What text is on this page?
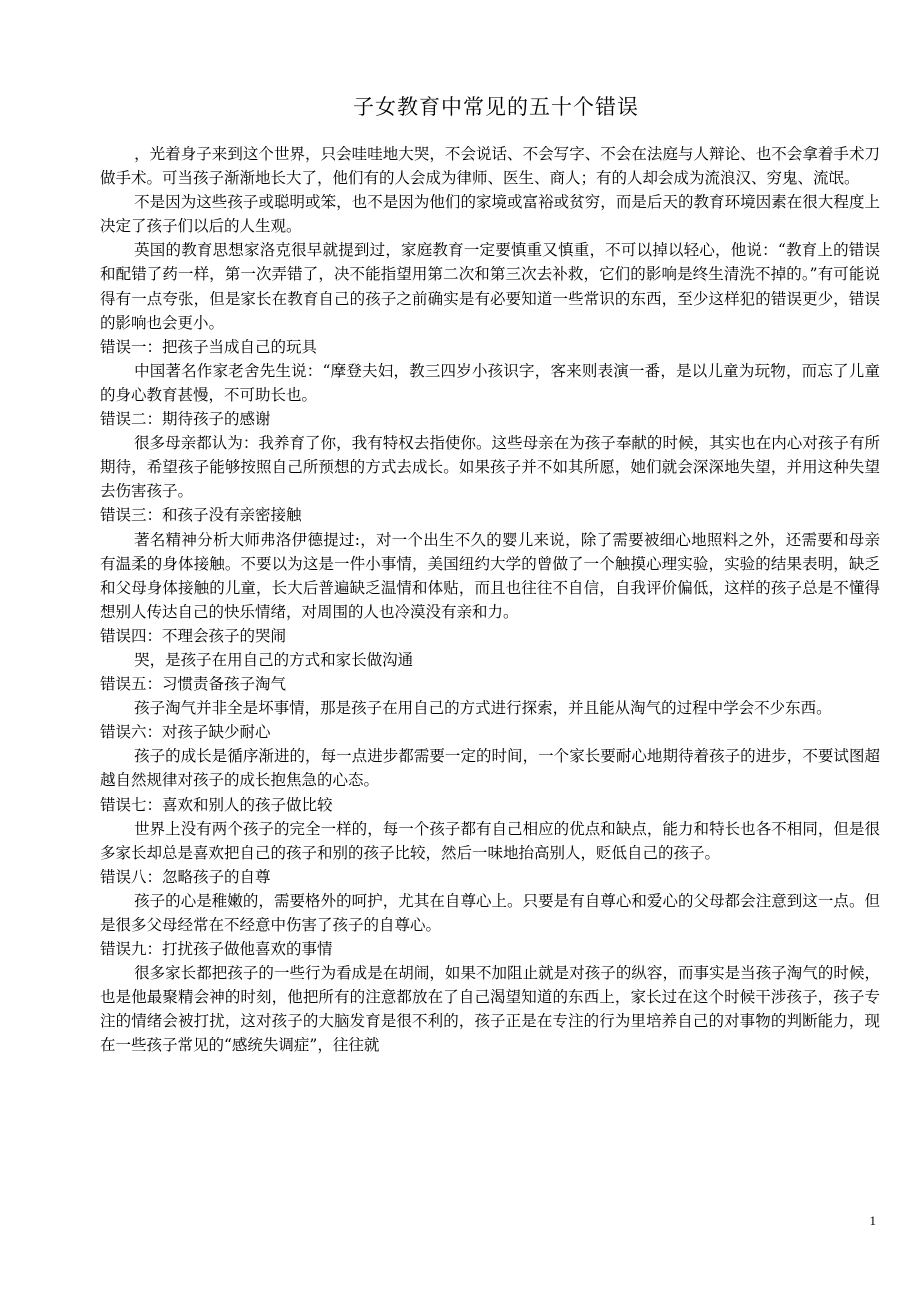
子女教育中常见的五十个错误

，光着身子来到这个世界，只会哇哇地大哭，不会说话、不会写字、不会在法庭与人辩论、也不会拿着手术刀做手术。可当孩子渐渐地长大了，他们有的人会成为律师、医生、商人；有的人却会成为流浪汉、穷鬼、流氓。

不是因为这些孩子或聪明或笨，也不是因为他们的家境或富裕或贫穷，而是后天的教育环境因素在很大程度上决定了孩子们以后的人生观。

英国的教育思想家洛克很早就提到过，家庭教育一定要慎重又慎重，不可以掉以轻心，他说：“教育上的错误和配错了药一样，第一次弄错了，决不能指望用第二次和第三次去补救，它们的影响是终生清洗不掉的。”有可能说得有一点夸张，但是家长在教育自己的孩子之前确实是有必要知道一些常识的东西，至少这样犯的错误更少，错误的影响也会更小。

错误一：把孩子当成自己的玩具

中国著名作家老舍先生说：“摩登夫妇，教三四岁小孩识字，客来则表演一番，是以儿童为玩物，而忘了儿童的身心教育甚慢，不可助长也。

错误二：期待孩子的感谢

很多母亲都认为：我养育了你，我有特权去指使你。这些母亲在为孩子奉献的时候，其实也在内心对孩子有所期待，希望孩子能够按照自己所预想的方式去成长。如果孩子并不如其所愿，她们就会深深地失望，并用这种失望去伤害孩子。

错误三：和孩子没有亲密接触

著名精神分析大师弗洛伊德提过:，对一个出生不久的婴儿来说，除了需要被细心地照料之外，还需要和母亲有温柔的身体接触。不要以为这是一件小事情，美国纽约大学的曾做了一个触摸心理实验，实验的结果表明，缺乏和父母身体接触的儿童，长大后普遍缺乏温情和体贴，而且也往往不自信，自我评价偏低，这样的孩子总是不懂得想别人传达自己的快乐情绪，对周围的人也冷漠没有亲和力。

错误四：不理会孩子的哭闹

哭，是孩子在用自己的方式和家长做沟通

错误五：习惯责备孩子淘气

孩子淘气并非全是坏事情，那是孩子在用自己的方式进行探索，并且能从淘气的过程中学会不少东西。

错误六：对孩子缺少耐心

孩子的成长是循序渐进的，每一点进步都需要一定的时间，一个家长要耐心地期待着孩子的进步，不要试图超越自然规律对孩子的成长抱焦急的心态。

错误七：喜欢和别人的孩子做比较

世界上没有两个孩子的完全一样的，每一个孩子都有自己相应的优点和缺点，能力和特长也各不相同，但是很多家长却总是喜欢把自己的孩子和别的孩子比较，然后一味地抬高别人，贬低自己的孩子。

错误八：忽略孩子的自尊

孩子的心是稚嫩的，需要格外的呵护，尤其在自尊心上。只要是有自尊心和爱心的父母都会注意到这一点。但是很多父母经常在不经意中伤害了孩子的自尊心。

错误九：打扰孩子做他喜欢的事情

很多家长都把孩子的一些行为看成是在胡闹，如果不加阻止就是对孩子的纵容，而事实是当孩子淘气的时候，也是他最聚精会神的时刻，他把所有的注意都放在了自己渴望知道的东西上，家长过在这个时候干涉孩子，孩子专注的情绪会被打扰，这对孩子的大脑发育是很不利的，孩子正是在专注的行为里培养自己的对事物的判断能力，现在一些孩子常见的“感统失调症”，往往就

1
